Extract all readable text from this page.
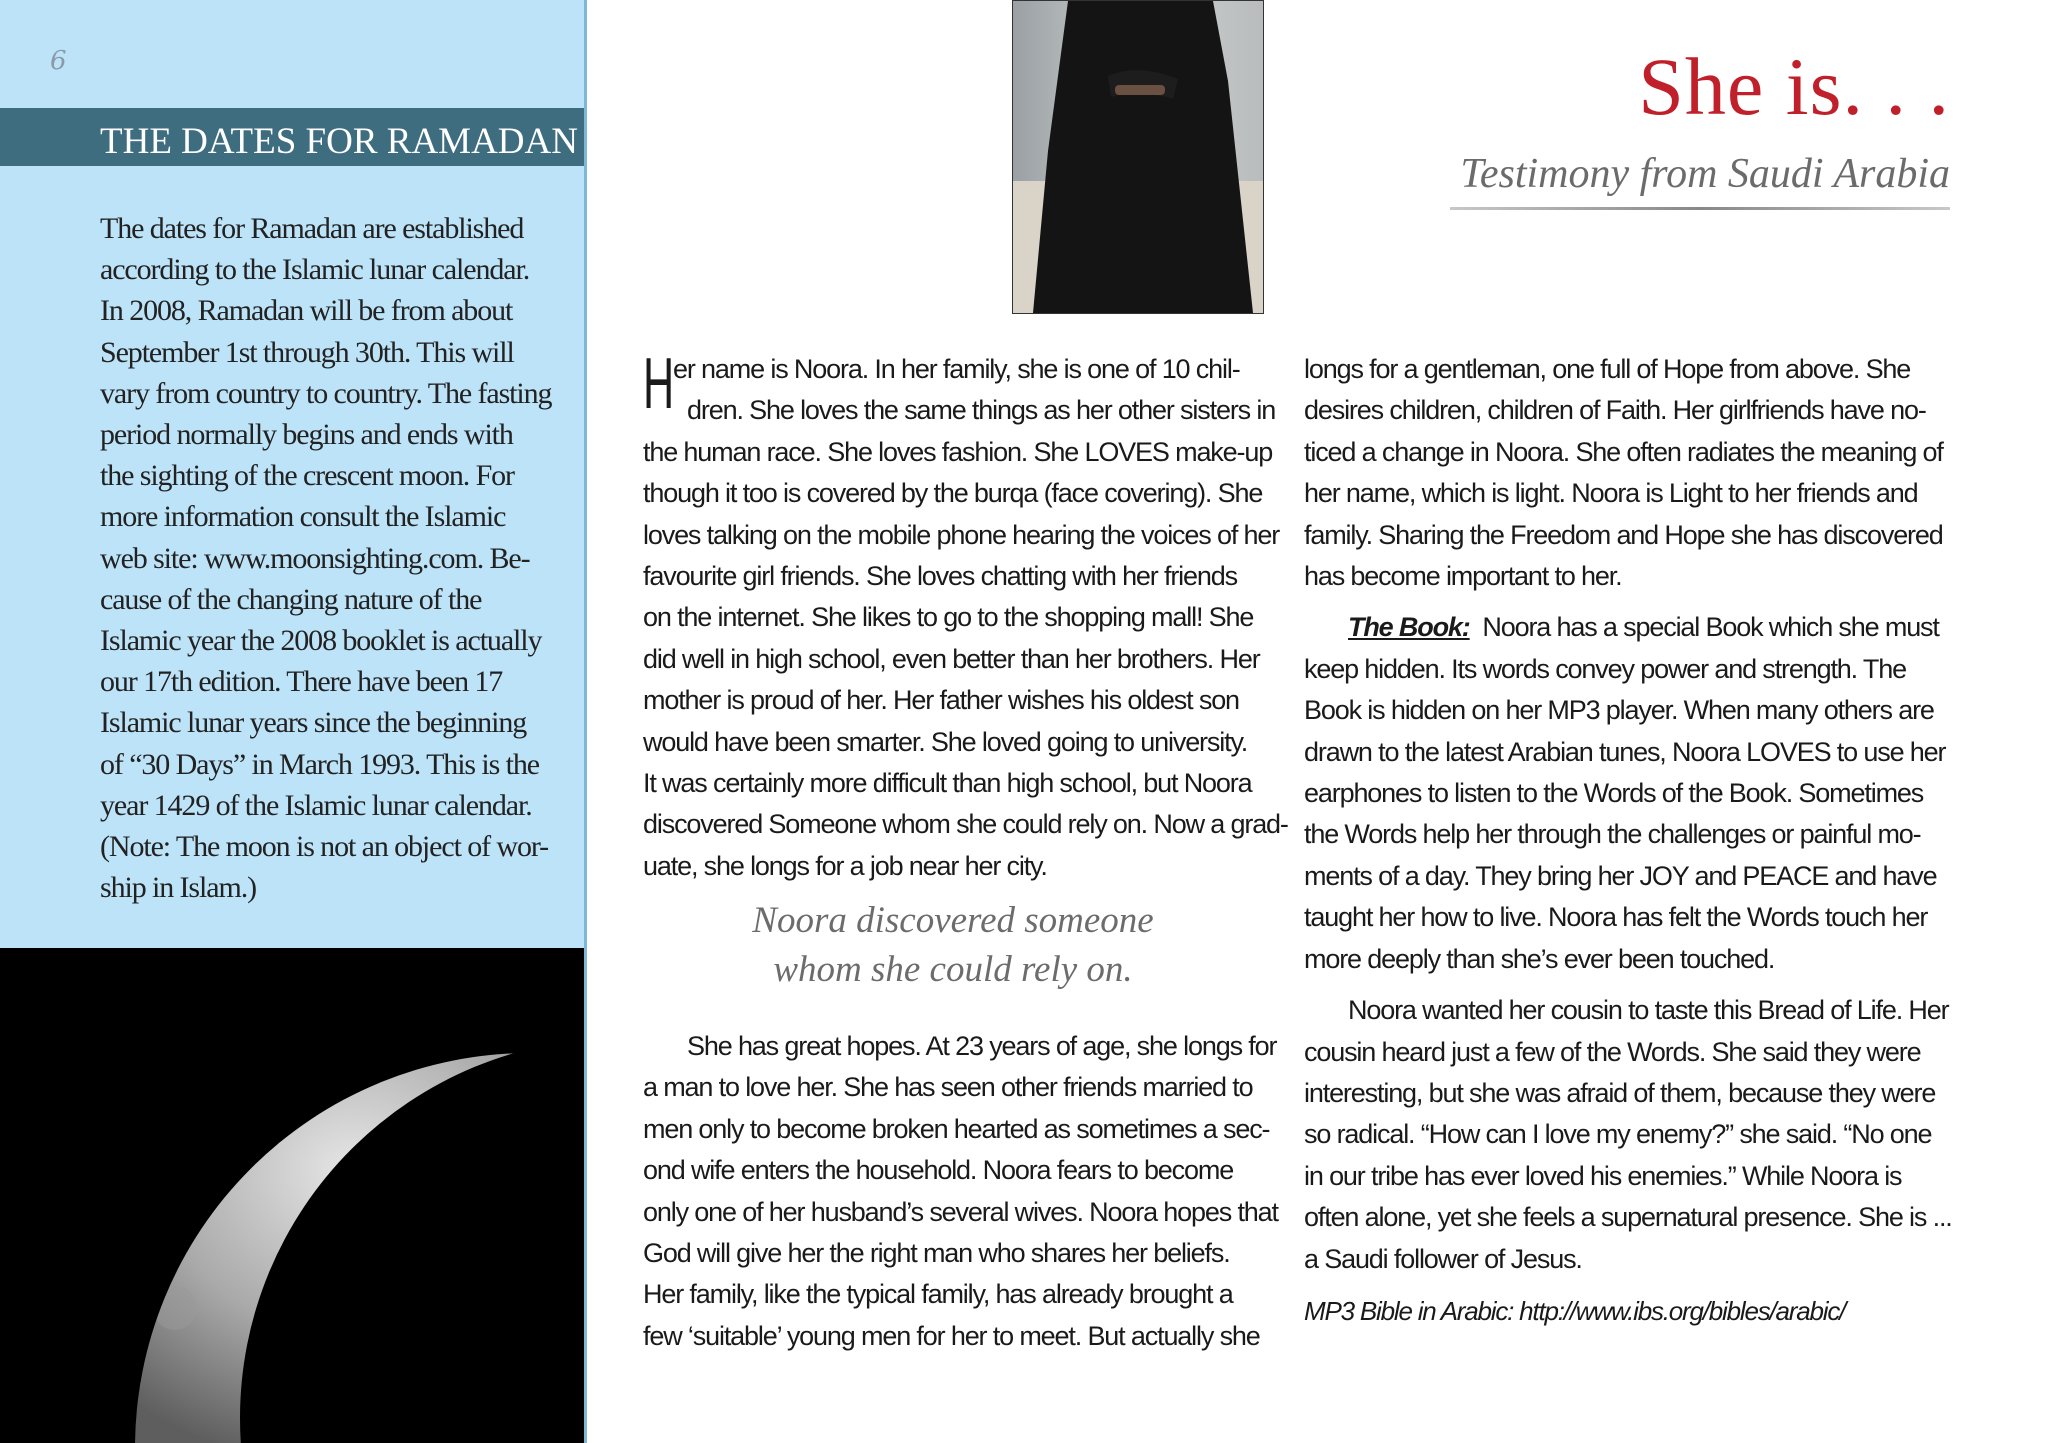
6
THE DATES FOR RAMADAN
The dates for Ramadan are established
according to the Islamic lunar calendar.
In 2008, Ramadan will be from about
September 1st through 30th. This will
vary from country to country. The fasting
period normally begins and ends with
the sighting of the crescent moon. For
more information consult the Islamic
web site: www.moonsighting.com. Be-
cause of the changing nature of the
Islamic year the 2008 booklet is actually
our 17th edition. There have been 17
Islamic lunar years since the beginning
of “30 Days” in March 1993. This is the
year 1429 of the Islamic lunar calendar.
(Note: The moon is not an object of wor-
ship in Islam.)
She is. . .
Testimony from Saudi Arabia
H er name is Noora. In her family, she is one of 10 chil-
dren. She loves the same things as her other sisters in
the human race. She loves fashion. She LOVES make-up
though it too is covered by the burqa (face covering). She
loves talking on the mobile phone hearing the voices of her
favourite girl friends. She loves chatting with her friends
on the internet. She likes to go to the shopping mall! She
did well in high school, even better than her brothers. Her
mother is proud of her. Her father wishes his oldest son
would have been smarter. She loved going to university.
It was certainly more difficult than high school, but Noora
discovered Someone whom she could rely on. Now a grad-
uate, she longs for a job near her city.
Noora discovered someone
whom she could rely on.
She has great hopes. At 23 years of age, she longs for
a man to love her. She has seen other friends married to
men only to become broken hearted as sometimes a sec-
ond wife enters the household. Noora fears to become
only one of her husband’s several wives. Noora hopes that
God will give her the right man who shares her beliefs.
Her family, like the typical family, has already brought a
few ‘suitable’ young men for her to meet. But actually she
longs for a gentleman, one full of Hope from above. She
desires children, children of Faith. Her girlfriends have no-
ticed a change in Noora. She often radiates the meaning of
her name, which is light. Noora is Light to her friends and
family. Sharing the Freedom and Hope she has discovered
has become important to her.
The Book:  Noora has a special Book which she must
keep hidden. Its words convey power and strength. The
Book is hidden on her MP3 player. When many others are
drawn to the latest Arabian tunes, Noora LOVES to use her
earphones to listen to the Words of the Book. Sometimes
the Words help her through the challenges or painful mo-
ments of a day. They bring her JOY and PEACE and have
taught her how to live. Noora has felt the Words touch her
more deeply than she’s ever been touched.
Noora wanted her cousin to taste this Bread of Life. Her
cousin heard just a few of the Words. She said they were
interesting, but she was afraid of them, because they were
so radical. “How can I love my enemy?” she said. “No one
in our tribe has ever loved his enemies.” While Noora is
often alone, yet she feels a supernatural presence. She is ...
a Saudi follower of Jesus.
MP3 Bible in Arabic: http://www.ibs.org/bibles/arabic/
